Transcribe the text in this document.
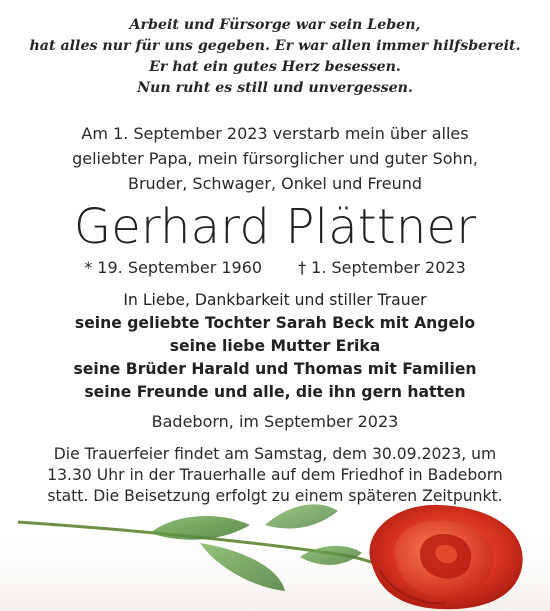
Arbeit und Fürsorge war sein Leben,
hat alles nur für uns gegeben. Er war allen immer hilfsbereit.
Er hat ein gutes Herz besessen.
Nun ruht es still und unvergessen.
Am 1. September 2023 verstarb mein über alles
geliebter Papa, mein fürsorglicher und guter Sohn,
Bruder, Schwager, Onkel und Freund
Gerhard Plättner
* 19. September 1960 † 1. September 2023
In Liebe, Dankbarkeit und stiller Trauer
seine geliebte Tochter Sarah Beck mit Angelo
seine liebe Mutter Erika
seine Brüder Harald und Thomas mit Familien
seine Freunde und alle, die ihn gern hatten
Badeborn, im September 2023
Die Trauerfeier findet am Samstag, dem 30.09.2023, um
13.30 Uhr in der Trauerhalle auf dem Friedhof in Badeborn
statt. Die Beisetzung erfolgt zu einem späteren Zeitpunkt.
